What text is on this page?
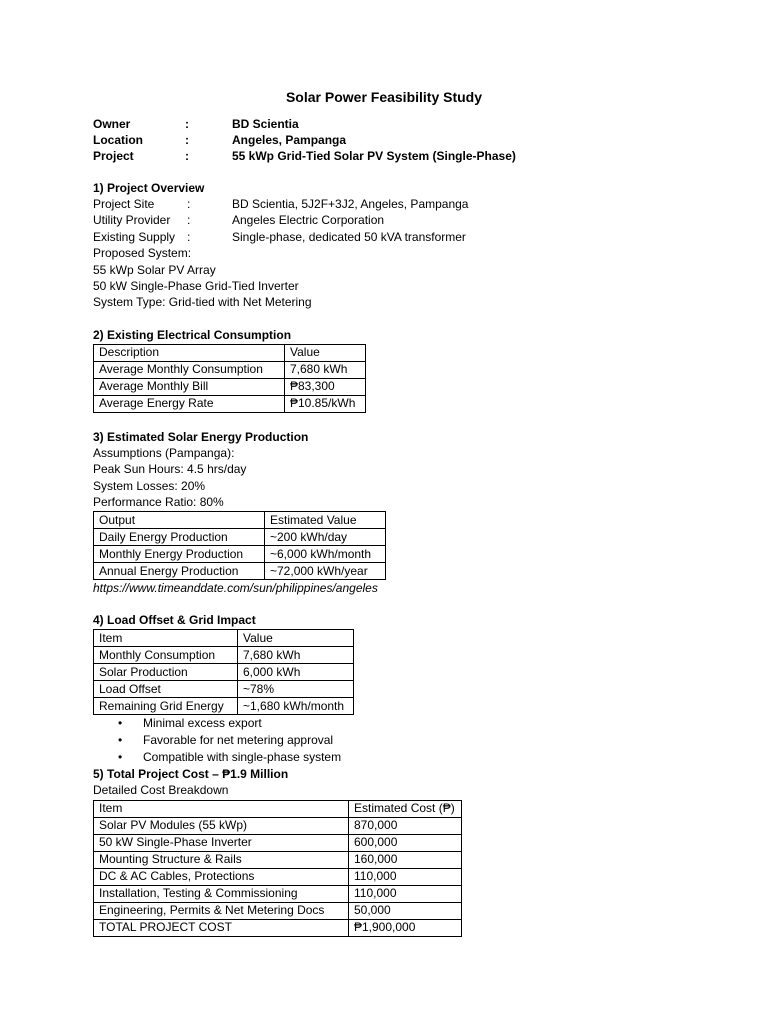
Solar Power Feasibility Study
Owner	:	BD Scientia
Location	:	Angeles, Pampanga
Project	:	55 kWp Grid-Tied Solar PV System (Single-Phase)
1) Project Overview
Project Site	:	BD Scientia, 5J2F+3J2, Angeles, Pampanga
Utility Provider	:	Angeles Electric Corporation
Existing Supply :	Single-phase, dedicated 50 kVA transformer
Proposed System:
55 kWp Solar PV Array
50 kW Single-Phase Grid-Tied Inverter
System Type: Grid-tied with Net Metering
2) Existing Electrical Consumption
Description	Value
Average Monthly Consumption	7,680 kWh
Average Monthly Bill	₱83,300
Average Energy Rate	₱10.85/kWh
3) Estimated Solar Energy Production
Assumptions (Pampanga):
Peak Sun Hours: 4.5 hrs/day
System Losses: 20%
Performance Ratio: 80%
Output	Estimated Value
Daily Energy Production	~200 kWh/day
Monthly Energy Production	~6,000 kWh/month
Annual Energy Production	~72,000 kWh/year
https://www.timeanddate.com/sun/philippines/angeles
4) Load Offset & Grid Impact
Item	Value
Monthly Consumption	7,680 kWh
Solar Production	6,000 kWh
Load Offset	~78%
Remaining Grid Energy	~1,680 kWh/month
• Minimal excess export
• Favorable for net metering approval
• Compatible with single-phase system
5) Total Project Cost – ₱1.9 Million
Detailed Cost Breakdown
Item	Estimated Cost (₱)
Solar PV Modules (55 kWp)	870,000
50 kW Single-Phase Inverter	600,000
Mounting Structure & Rails	160,000
DC & AC Cables, Protections	110,000
Installation, Testing & Commissioning	110,000
Engineering, Permits & Net Metering Docs	50,000
TOTAL PROJECT COST	₱1,900,000
